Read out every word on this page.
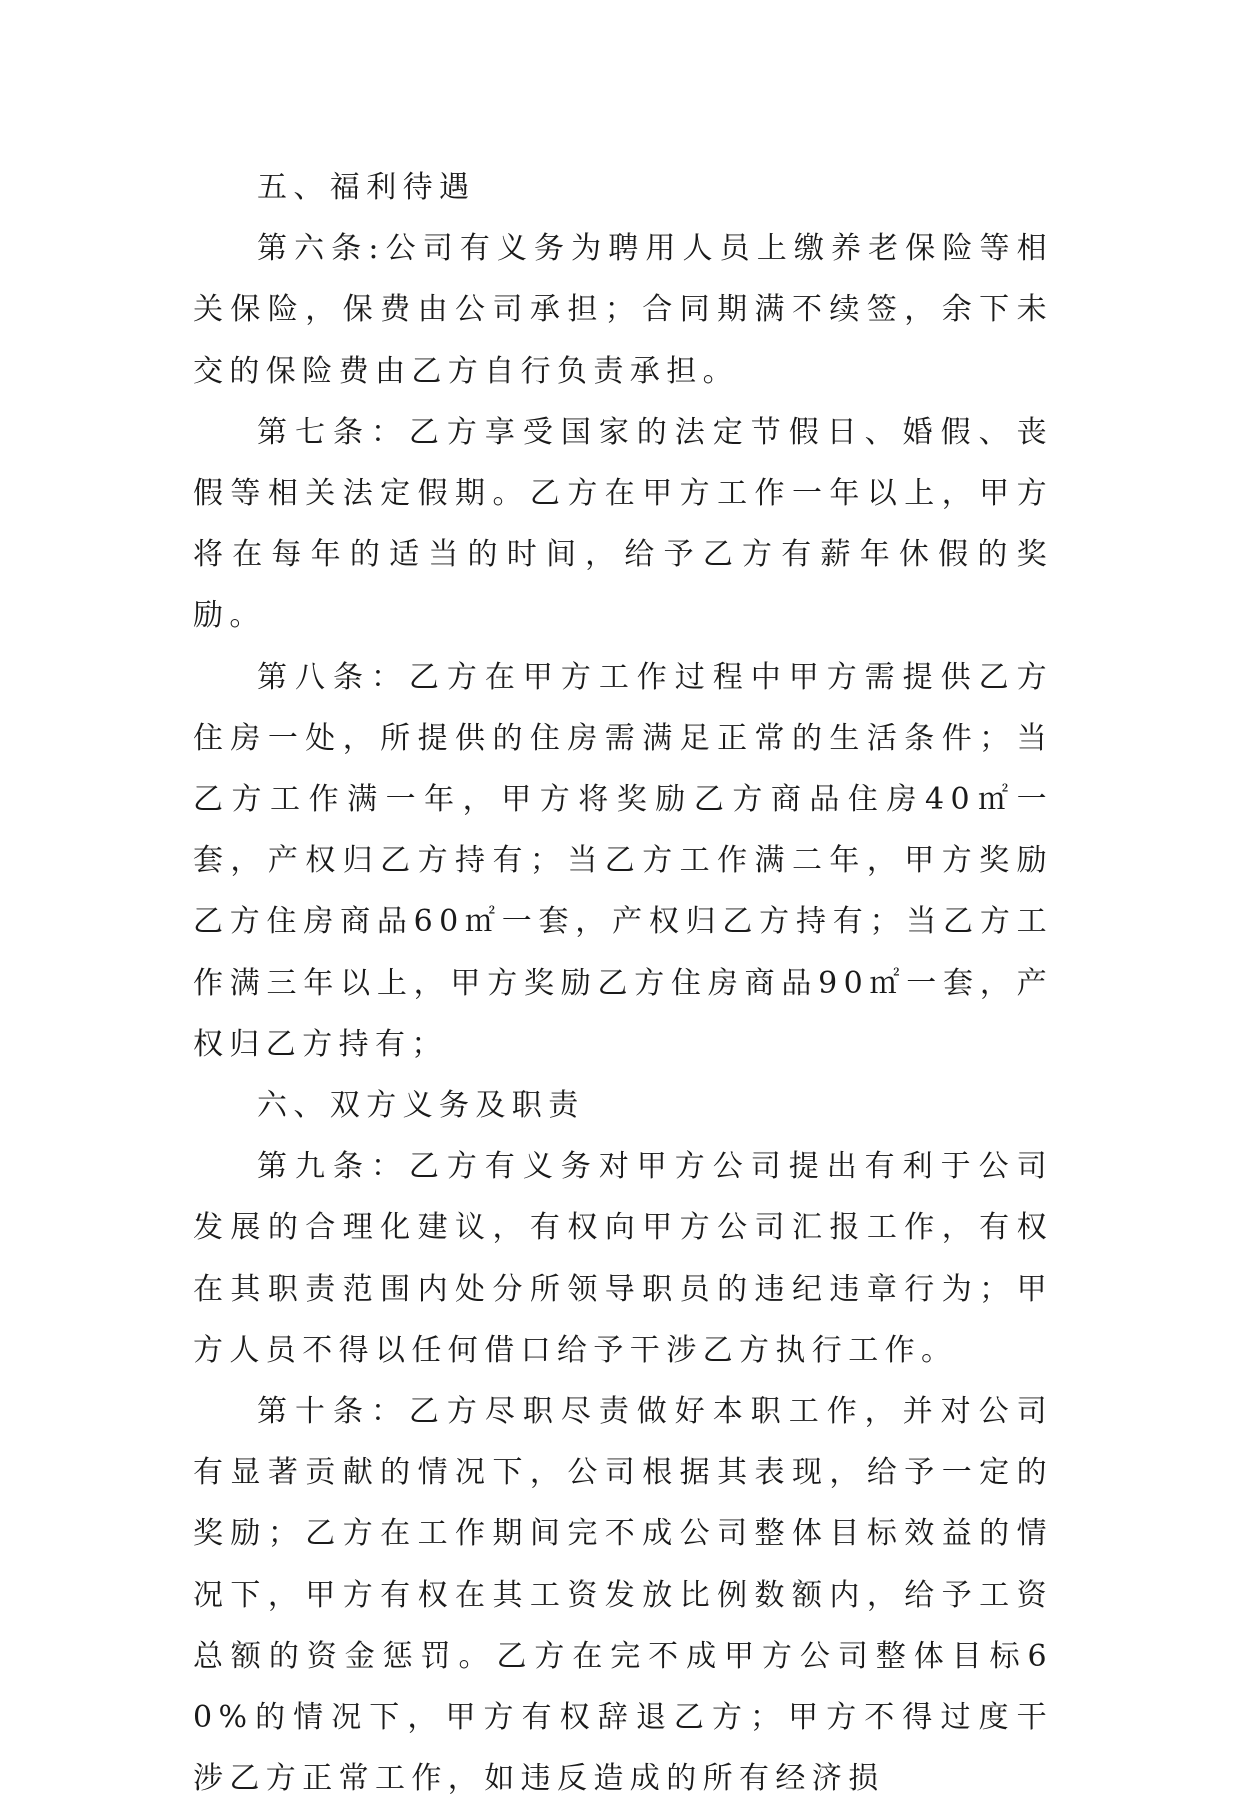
五、福利待遇

第六条:公司有义务为聘用人员上缴养老保险等相关保险，保费由公司承担；合同期满不续签，余下未交的保险费由乙方自行负责承担。

第七条：乙方享受国家的法定节假日、婚假、丧假等相关法定假期。乙方在甲方工作一年以上，甲方将在每年的适当的时间，给予乙方有薪年休假的奖励。

第八条：乙方在甲方工作过程中甲方需提供乙方住房一处，所提供的住房需满足正常的生活条件；当乙方工作满一年，甲方将奖励乙方商品住房40㎡一套，产权归乙方持有；当乙方工作满二年，甲方奖励乙方住房商品60㎡一套，产权归乙方持有；当乙方工作满三年以上，甲方奖励乙方住房商品90㎡一套，产权归乙方持有；

六、双方义务及职责

第九条：乙方有义务对甲方公司提出有利于公司发展的合理化建议，有权向甲方公司汇报工作，有权在其职责范围内处分所领导职员的违纪违章行为；甲方人员不得以任何借口给予干涉乙方执行工作。

第十条：乙方尽职尽责做好本职工作，并对公司有显著贡献的情况下，公司根据其表现，给予一定的奖励；乙方在工作期间完不成公司整体目标效益的情况下，甲方有权在其工资发放比例数额内，给予工资总额的资金惩罚。乙方在完不成甲方公司整体目标60%的情况下，甲方有权辞退乙方；甲方不得过度干涉乙方正常工作，如违反造成的所有经济损
